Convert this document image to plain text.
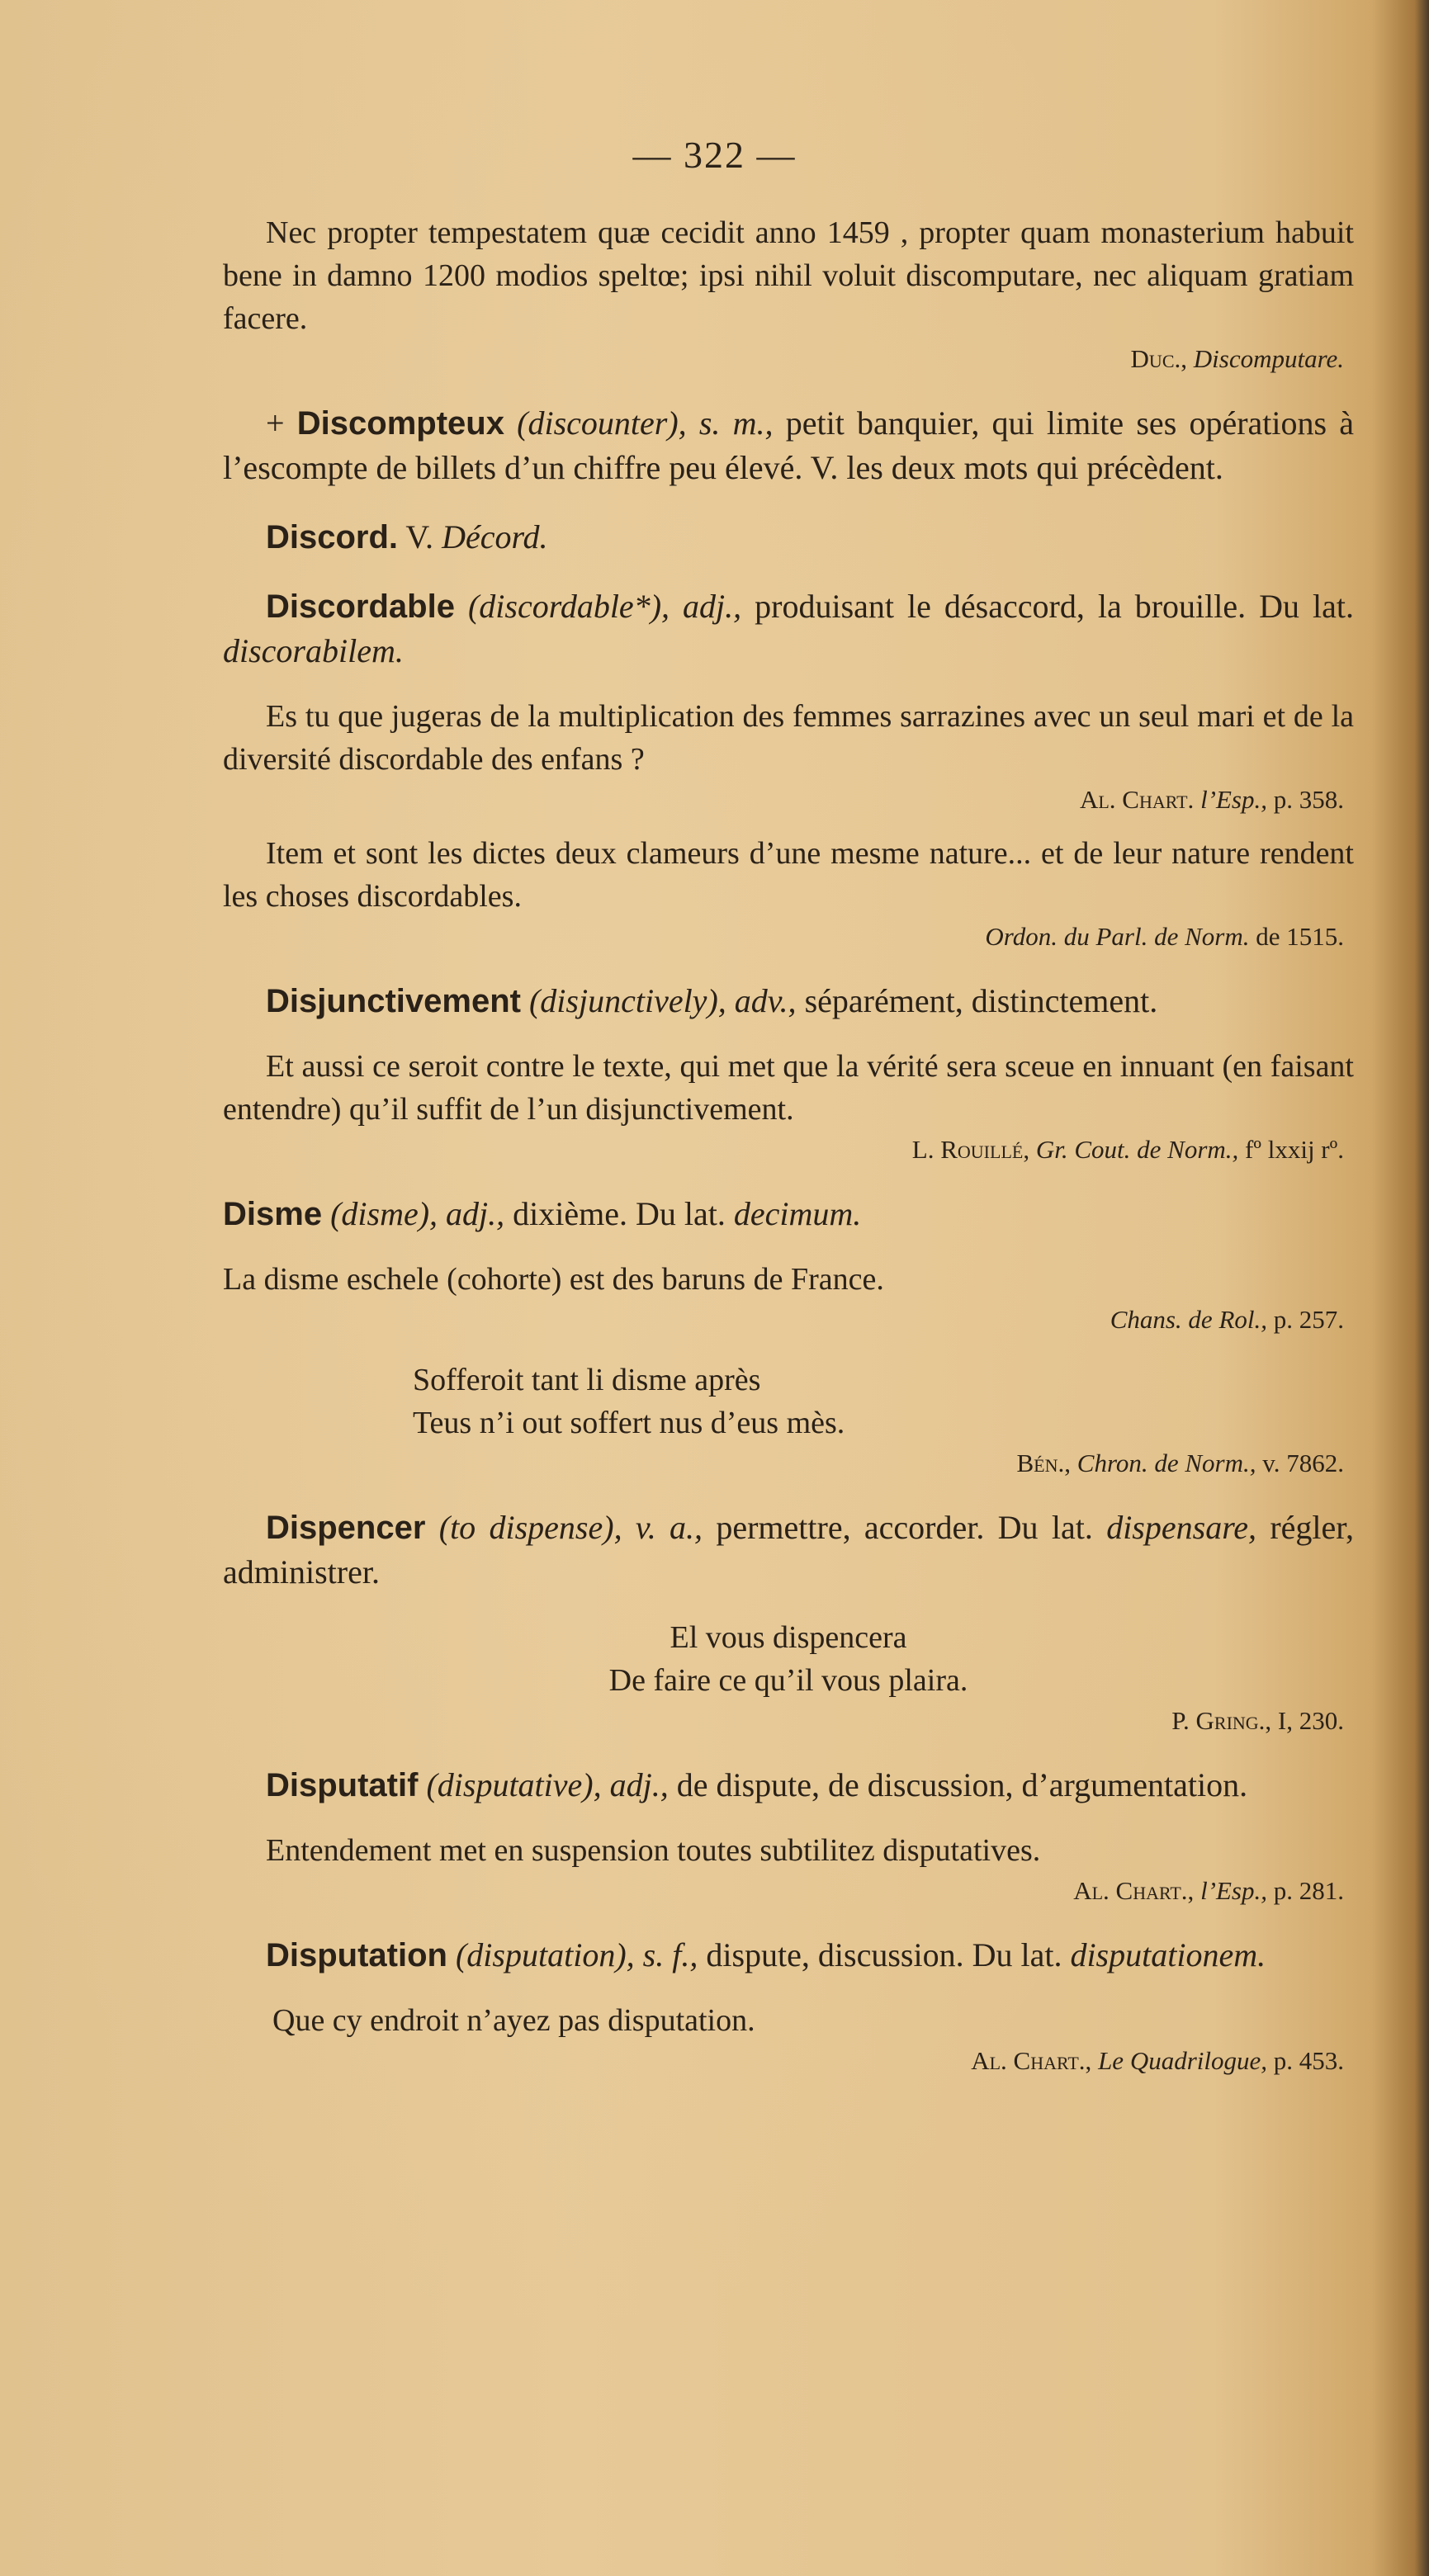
— 322 —

Nec propter tempestatem quæ cecidit anno 1459 , propter quam monasterium habuit bene in damno 1200 modios speltœ; ipsi nihil voluit discomputare, nec aliquam gratiam facere.

Duc., Discomputare.

+ Discompteux (discounter), s. m., petit banquier, qui limite ses opérations à l’escompte de billets d’un chiffre peu élevé. V. les deux mots qui précèdent.

Discord. V. Décord.

Discordable (discordable*), adj., produisant le désaccord, la brouille. Du lat. discorabilem.

Es tu que jugeras de la multiplication des femmes sarrazines avec un seul mari et de la diversité discordable des enfans ?

Al. Chart. l’Esp., p. 358.

Item et sont les dictes deux clameurs d’une mesme nature... et de leur nature rendent les choses discordables.

Ordon. du Parl. de Norm. de 1515.

Disjunctivement (disjunctively), adv., séparément, distinctement.

Et aussi ce seroit contre le texte, qui met que la vérité sera sceue en innuant (en faisant entendre) qu’il suffit de l’un disjunctivement.

L. Rouillé, Gr. Cout. de Norm., fº lxxij rº.

Disme (disme), adj., dixième. Du lat. decimum.

La disme eschele (cohorte) est des baruns de France.

Chans. de Rol., p. 257.

Sofferoit tant li disme après

Teus n’i out soffert nus d’eus mès.

Bén., Chron. de Norm., v. 7862.

Dispencer (to dispense), v. a., permettre, accorder. Du lat. dispensare, régler, administrer.

El vous dispencera

De faire ce qu’il vous plaira.

P. Gring., I, 230.

Disputatif (disputative), adj., de dispute, de discussion, d’argumentation.

Entendement met en suspension toutes subtilitez disputatives.

Al. Chart., l’Esp., p. 281.

Disputation (disputation), s. f., dispute, discussion. Du lat. disputationem.

Que cy endroit n’ayez pas disputation.

Al. Chart., Le Quadrilogue, p. 453.
